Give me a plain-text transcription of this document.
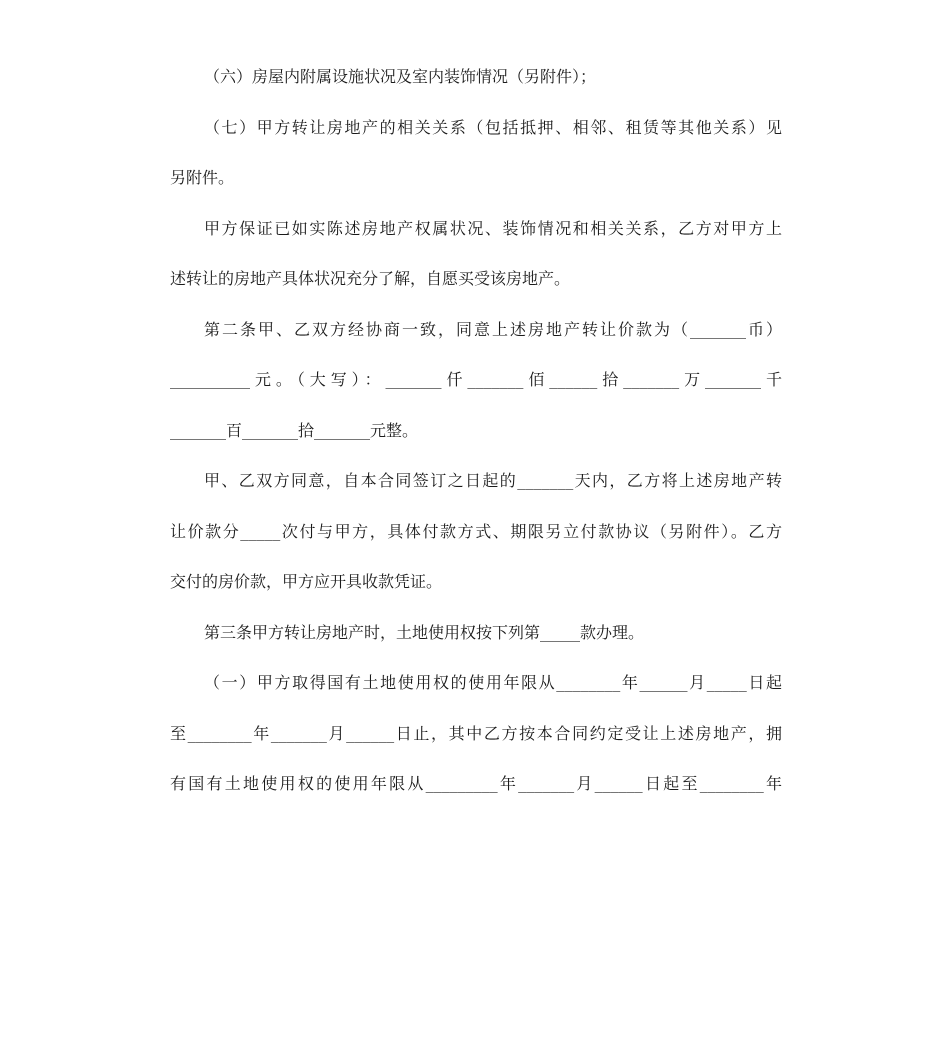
（六）房屋内附属设施状况及室内装饰情况（另附件）；
（七）甲方转让房地产的相关关系（包括抵押、相邻、租赁等其他关系）见
另附件。
甲方保证已如实陈述房地产权属状况、装饰情况和相关关系，乙方对甲方上
述转让的房地产具体状况充分了解，自愿买受该房地产。
第二条甲、乙双方经协商一致，同意上述房地产转让价款为（_______币）
__________元。（大写）：_______仟_______佰______拾_______万_______千
_______百_______拾_______元整。
甲、乙双方同意，自本合同签订之日起的_______天内，乙方将上述房地产转
让价款分_____次付与甲方，具体付款方式、期限另立付款协议（另附件）。乙方
交付的房价款，甲方应开具收款凭证。
第三条甲方转让房地产时，土地使用权按下列第_____款办理。
（一）甲方取得国有土地使用权的使用年限从________年______月_____日起
至________年_______月______日止，其中乙方按本合同约定受让上述房地产，拥
有国有土地使用权的使用年限从_________年_______月______日起至________年
